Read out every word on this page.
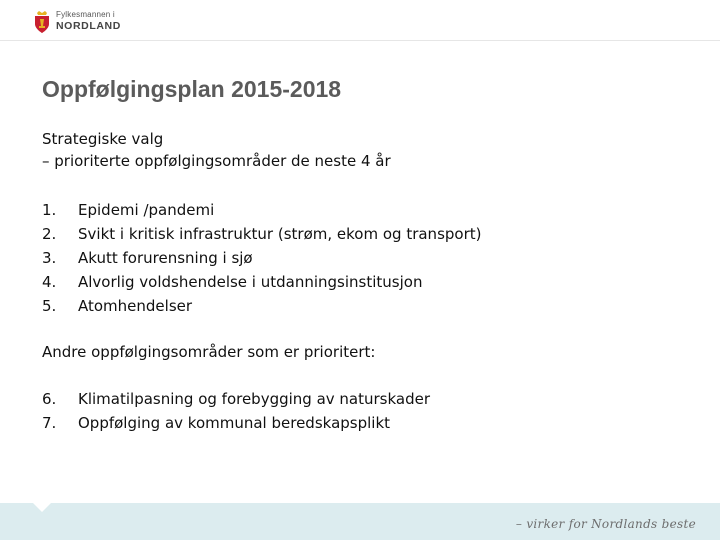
Fylkesmannen i
NORDLAND
Oppfølgingsplan 2015-2018
Strategiske valg
– prioriterte oppfølgingsområder de neste 4 år
1.	Epidemi /pandemi
2.	Svikt i kritisk infrastruktur (strøm, ekom og transport)
3.	Akutt forurensning i sjø
4.	Alvorlig voldshendelse i utdanningsinstitusjon
5.	Atomhendelser
Andre oppfølgingsområder som er prioritert:
6.	Klimatilpasning og forebygging av naturskader
7.	Oppfølging av kommunal beredskapsplikt
– virker for Nordlands beste
